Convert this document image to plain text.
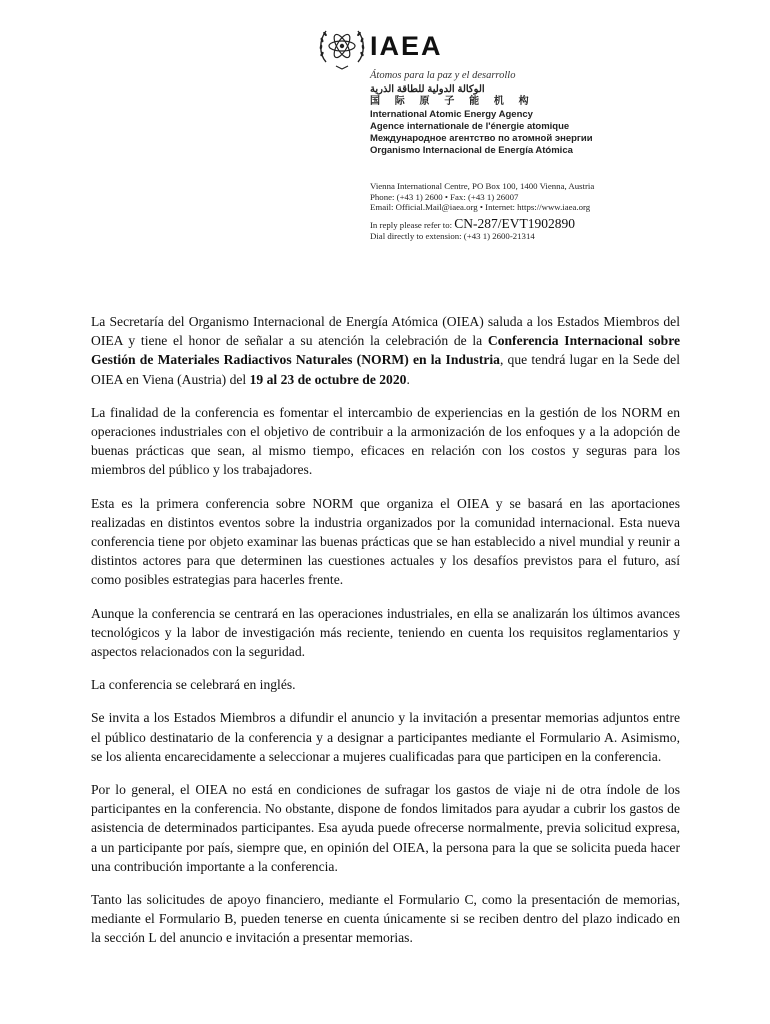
IAEA
Átomos para la paz y el desarrollo
الوكالة الدولية للطاقة الذرية
国 际 原 子 能 机 构
International Atomic Energy Agency
Agence internationale de l'énergie atomique
Международное агентство по атомной энергии
Organismo Internacional de Energía Atómica
Vienna International Centre, PO Box 100, 1400 Vienna, Austria
Phone: (+43 1) 2600 • Fax: (+43 1) 26007
Email: Official.Mail@iaea.org • Internet: https://www.iaea.org
In reply please refer to: CN-287/EVT1902890
Dial directly to extension: (+43 1) 2600-21314

La Secretaría del Organismo Internacional de Energía Atómica (OIEA) saluda a los Estados Miembros del OIEA y tiene el honor de señalar a su atención la celebración de la Conferencia Internacional sobre Gestión de Materiales Radiactivos Naturales (NORM) en la Industria, que tendrá lugar en la Sede del OIEA en Viena (Austria) del 19 al 23 de octubre de 2020.

La finalidad de la conferencia es fomentar el intercambio de experiencias en la gestión de los NORM en operaciones industriales con el objetivo de contribuir a la armonización de los enfoques y a la adopción de buenas prácticas que sean, al mismo tiempo, eficaces en relación con los costos y seguras para los miembros del público y los trabajadores.

Esta es la primera conferencia sobre NORM que organiza el OIEA y se basará en las aportaciones realizadas en distintos eventos sobre la industria organizados por la comunidad internacional. Esta nueva conferencia tiene por objeto examinar las buenas prácticas que se han establecido a nivel mundial y reunir a distintos actores para que determinen las cuestiones actuales y los desafíos previstos para el futuro, así como posibles estrategias para hacerles frente.

Aunque la conferencia se centrará en las operaciones industriales, en ella se analizarán los últimos avances tecnológicos y la labor de investigación más reciente, teniendo en cuenta los requisitos reglamentarios y aspectos relacionados con la seguridad.

La conferencia se celebrará en inglés.

Se invita a los Estados Miembros a difundir el anuncio y la invitación a presentar memorias adjuntos entre el público destinatario de la conferencia y a designar a participantes mediante el Formulario A. Asimismo, se los alienta encarecidamente a seleccionar a mujeres cualificadas para que participen en la conferencia.

Por lo general, el OIEA no está en condiciones de sufragar los gastos de viaje ni de otra índole de los participantes en la conferencia. No obstante, dispone de fondos limitados para ayudar a cubrir los gastos de asistencia de determinados participantes. Esa ayuda puede ofrecerse normalmente, previa solicitud expresa, a un participante por país, siempre que, en opinión del OIEA, la persona para la que se solicita pueda hacer una contribución importante a la conferencia.

Tanto las solicitudes de apoyo financiero, mediante el Formulario C, como la presentación de memorias, mediante el Formulario B, pueden tenerse en cuenta únicamente si se reciben dentro del plazo indicado en la sección L del anuncio e invitación a presentar memorias.
